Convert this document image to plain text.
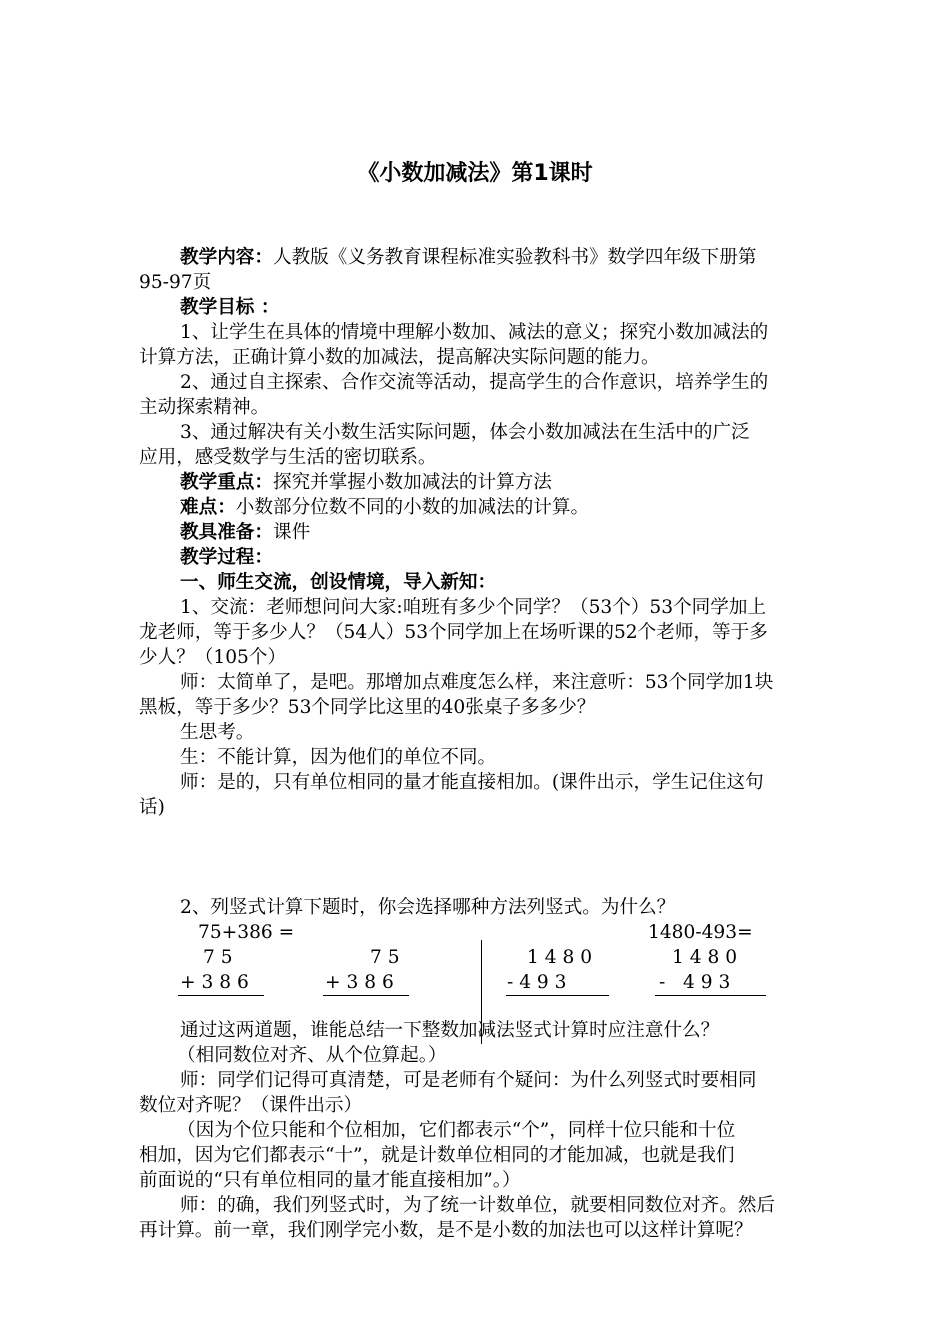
《小数加减法》第1课时
教学内容：人教版《义务教育课程标准实验教科书》数学四年级下册第
95-97页
教学目标 ：
1、让学生在具体的情境中理解小数加、减法的意义；探究小数加减法的
计算方法，正确计算小数的加减法，提高解决实际问题的能力。
2、通过自主探索、合作交流等活动，提高学生的合作意识，培养学生的
主动探索精神。
3、通过解决有关小数生活实际问题，体会小数加减法在生活中的广泛
应用，感受数学与生活的密切联系。
教学重点：探究并掌握小数加减法的计算方法
难点：小数部分位数不同的小数的加减法的计算。
教具准备：课件
教学过程：
一、师生交流，创设情境，导入新知：
1、交流：老师想问问大家:咱班有多少个同学？（53个）53个同学加上
龙老师，等于多少人？（54人）53个同学加上在场听课的52个老师，等于多
少人？（105个）
师：太简单了，是吧。那增加点难度怎么样，来注意听：53个同学加1块
黑板，等于多少？53个同学比这里的40张桌子多多少？
生思考。
生：不能计算，因为他们的单位不同。
师：是的，只有单位相同的量才能直接相加。(课件出示，学生记住这句
话)
2、列竖式计算下题时，你会选择哪种方法列竖式。为什么？
75+386 =	1480-493=
7 5
+ 3 8 6
7 5
+ 3 8 6
1 4 8 0
- 4 9 3
1 4 8 0
-   4 9 3
通过这两道题，谁能总结一下整数加减法竖式计算时应注意什么？
（相同数位对齐、从个位算起。）
师：同学们记得可真清楚，可是老师有个疑问：为什么列竖式时要相同
数位对齐呢？（课件出示）
（因为个位只能和个位相加，它们都表示“个”，同样十位只能和十位
相加，因为它们都表示“十”，就是计数单位相同的才能加减，也就是我们
前面说的“只有单位相同的量才能直接相加”。）
师：的确，我们列竖式时，为了统一计数单位，就要相同数位对齐。然后
再计算。前一章，我们刚学完小数，是不是小数的加法也可以这样计算呢？
